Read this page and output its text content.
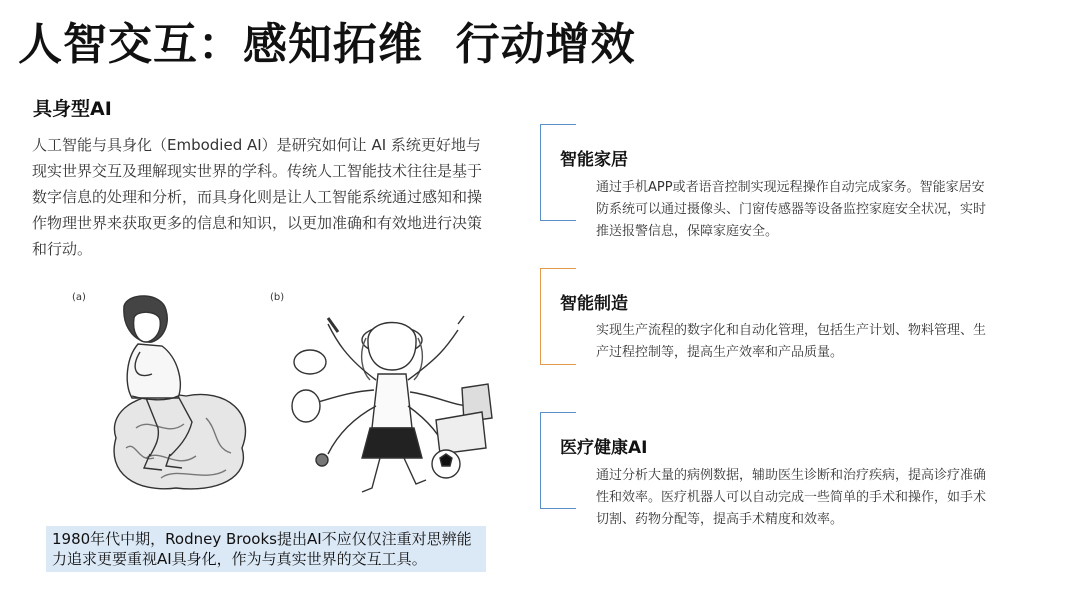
人智交互：感知拓维  行动增效
具身型AI
人工智能与具身化（Embodied AI）是研究如何让 AI 系统更好地与现实世界交互及理解现实世界的学科。传统人工智能技术往往是基于数字信息的处理和分析，而具身化则是让人工智能系统通过感知和操作物理世界来获取更多的信息和知识，以更加准确和有效地进行决策和行动。
(a)	(b)
1980年代中期，Rodney Brooks提出AI不应仅仅注重对思辨能力追求更要重视AI具身化，作为与真实世界的交互工具。
智能家居
通过手机APP或者语音控制实现远程操作自动完成家务。智能家居安防系统可以通过摄像头、门窗传感器等设备监控家庭安全状况，实时推送报警信息，保障家庭安全。
智能制造
实现生产流程的数字化和自动化管理，包括生产计划、物料管理、生产过程控制等，提高生产效率和产品质量。
医疗健康AI
通过分析大量的病例数据，辅助医生诊断和治疗疾病，提高诊疗准确性和效率。医疗机器人可以自动完成一些简单的手术和操作，如手术切割、药物分配等，提高手术精度和效率。
